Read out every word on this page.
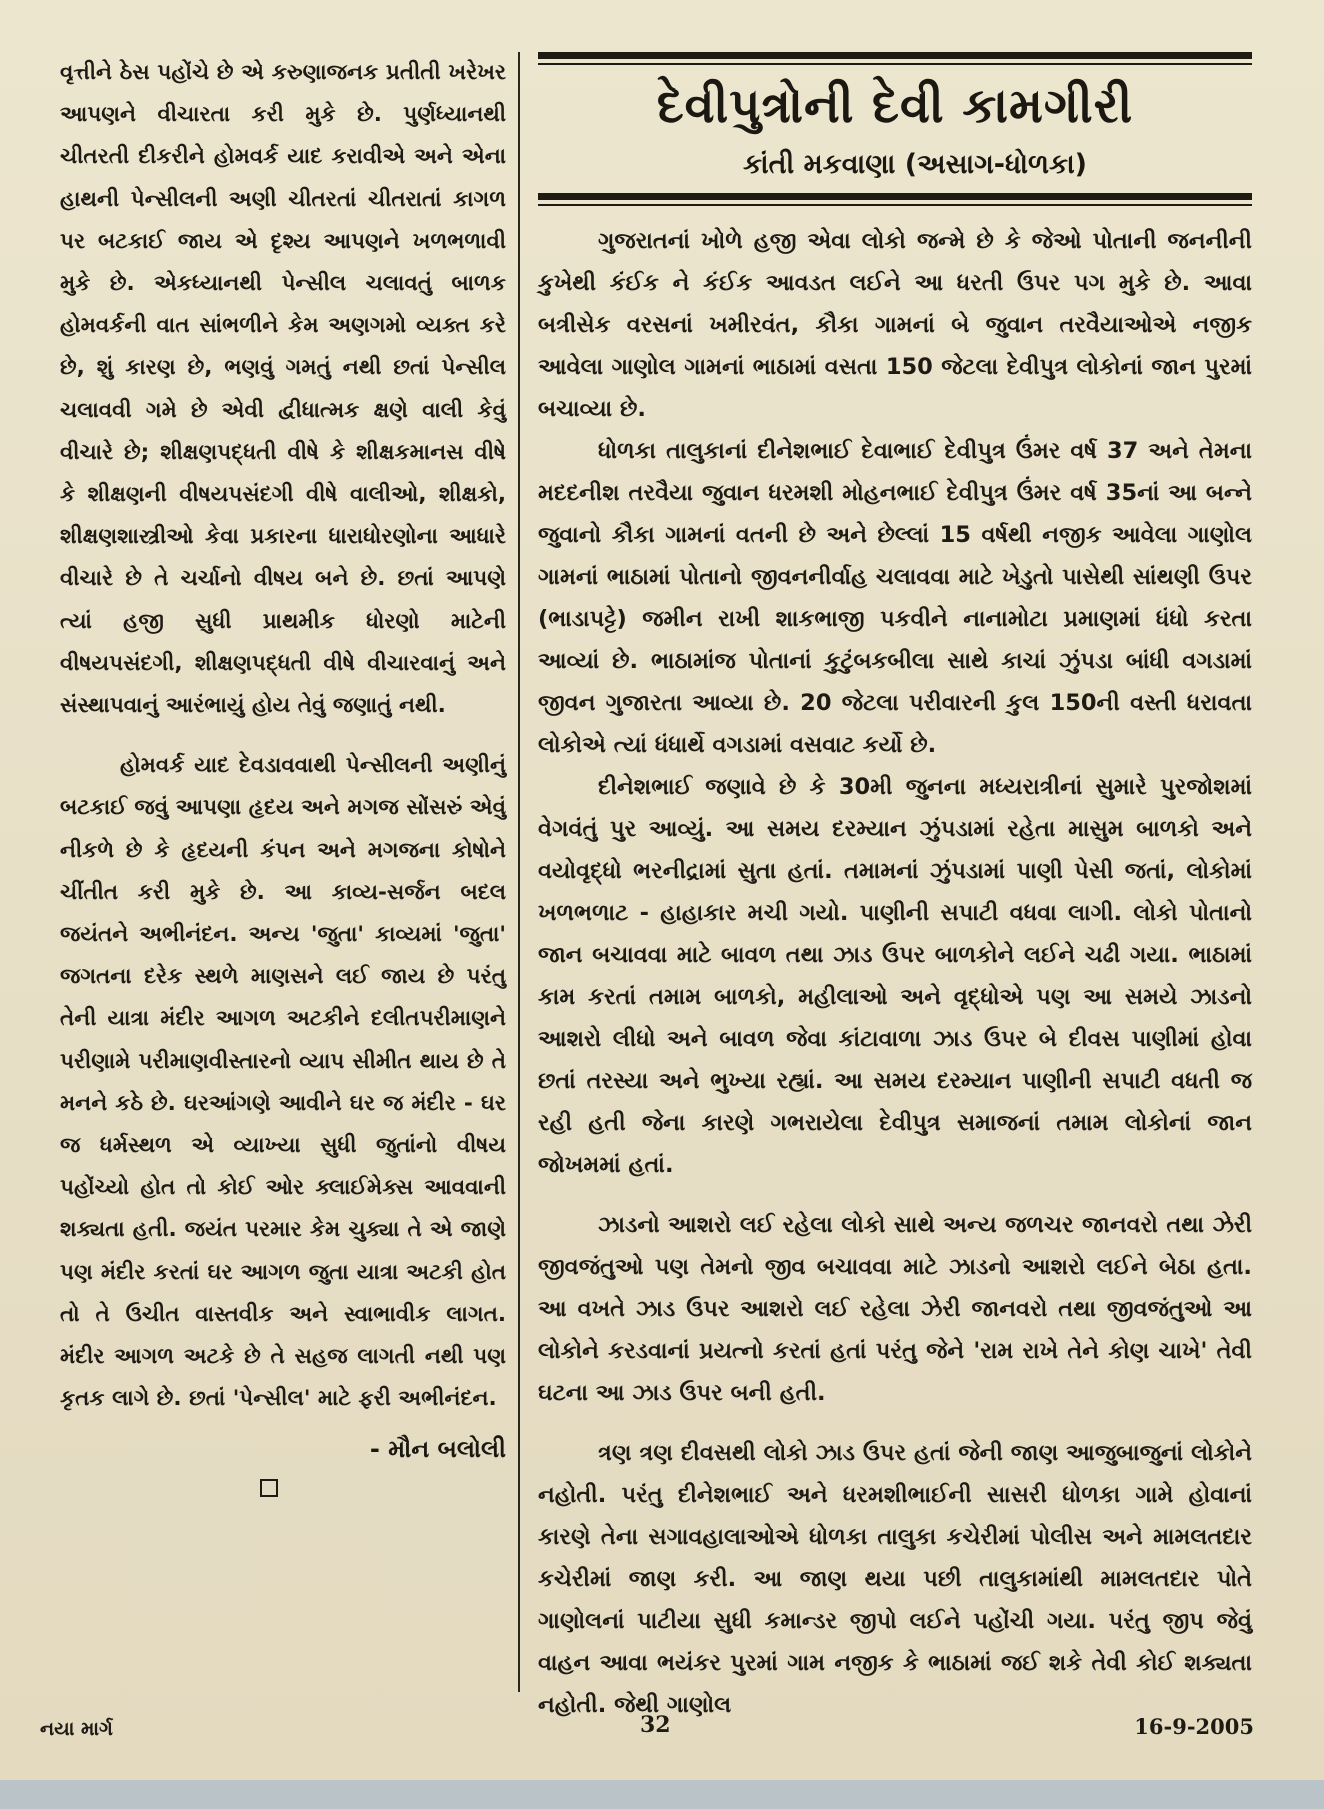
વૃત્તીને ઠેસ પહોંચે છે એ કરુણાજનક પ્રતીતી ખરેખર આપણને વીચારતા કરી મુકે છે. પુર્ણધ્યાનથી ચીતરતી દીકરીને હોમવર્ક યાદ કરાવીએ અને એના હાથની પેન્સીલની અણી ચીતરતાં ચીતરાતાં કાગળ પર બટકાઈ જાય એ દૃશ્ય આપણને ખળભળાવી મુકે છે. એકધ્યાનથી પેન્સીલ ચલાવતું બાળક હોમવર્કની વાત સાંભળીને કેમ અણગમો વ્યક્ત કરે છે, શું કારણ છે, ભણવું ગમતું નથી છતાં પેન્સીલ ચલાવવી ગમે છે એવી દ્વીધાત્મક ક્ષણે વાલી કેવું વીચારે છે; શીક્ષણપદ્ધતી વીષે કે શીક્ષકમાનસ વીષે કે શીક્ષણની વીષયપસંદગી વીષે વાલીઓ, શીક્ષકો, શીક્ષણશાસ્ત્રીઓ કેવા પ્રકારના ધારાધોરણોના આધારે વીચારે છે તે ચર્ચાનો વીષય બને છે. છતાં આપણે ત્યાં હજી સુધી પ્રાથમીક ધોરણો માટેની વીષયપસંદગી, શીક્ષણપદ્ધતી વીષે વીચારવાનું અને સંસ્થાપવાનું આરંભાયું હોય તેવું જણાતું નથી.

હોમવર્ક યાદ દેવડાવવાથી પેન્સીલની અણીનું બટકાઈ જવું આપણા હૃદય અને મગજ સોંસરું એવું નીકળે છે કે હૃદયની કંપન અને મગજના કોષોને ચીંતીત કરી મુકે છે. આ કાવ્ય-સર્જન બદલ જયંતને અભીનંદન. અન્ય 'જુતા' કાવ્યમાં 'જુતા' જગતના દરેક સ્થળે માણસને લઈ જાય છે પરંતુ તેની યાત્રા મંદીર આગળ અટકીને દલીતપરીમાણને પરીણામે પરીમાણવીસ્તારનો વ્યાપ સીમીત થાય છે તે મનને કઠે છે. ઘરઆંગણે આવીને ઘર જ મંદીર - ઘર જ ધર્મસ્થળ એ વ્યાખ્યા સુધી જુતાંનો વીષય પહોંચ્યો હોત તો કોઈ ઓર ક્લાઈમેક્સ આવવાની શક્યતા હતી. જયંત પરમાર કેમ ચુક્યા તે એ જાણે પણ મંદીર કરતાં ઘર આગળ જુતા યાત્રા અટકી હોત તો તે ઉચીત વાસ્તવીક અને સ્વાભાવીક લાગત. મંદીર આગળ અટકે છે તે સહજ લાગતી નથી પણ કૃતક લાગે છે. છતાં 'પેન્સીલ' માટે ફરી અભીનંદન.

- મૌન બલોલી
દેવીપુત્રોની દેવી કામગીરી
કાંતી મકવાણા (અસાગ-ધોળકા)

ગુજરાતનાં ખોળે હજી એવા લોકો જન્મે છે કે જેઓ પોતાની જનનીની કુખેથી કંઈક ને કંઈક આવડત લઈને આ ધરતી ઉપર પગ મુકે છે. આવા બત્રીસેક વરસનાં ખમીરવંત, કૌકા ગામનાં બે જુવાન તરવૈયાઓએ નજીક આવેલા ગાણોલ ગામનાં ભાઠામાં વસતા 150 જેટલા દેવીપુત્ર લોકોનાં જાન પુરમાં બચાવ્યા છે.

ધોળકા તાલુકાનાં દીનેશભાઈ દેવાભાઈ દેવીપુત્ર ઉંમર વર્ષ 37 અને તેમના મદદનીશ તરવૈયા જુવાન ધરમશી મોહનભાઈ દેવીપુત્ર ઉંમર વર્ષ 35નાં આ બન્ને જુવાનો કૌકા ગામનાં વતની છે અને છેલ્લાં 15 વર્ષથી નજીક આવેલા ગાણોલ ગામનાં ભાઠામાં પોતાનો જીવનનીર્વાહ ચલાવવા માટે ખેડુતો પાસેથી સાંથણી ઉપર (ભાડાપટ્ટે) જમીન રાખી શાકભાજી પકવીને નાનામોટા પ્રમાણમાં ધંધો કરતા આવ્યાં છે. ભાઠામાંજ પોતાનાં કુટુંબકબીલા સાથે કાચાં ઝુંપડા બાંધી વગડામાં જીવન ગુજારતા આવ્યા છે. 20 જેટલા પરીવારની કુલ 150ની વસ્તી ધરાવતા લોકોએ ત્યાં ધંધાર્થે વગડામાં વસવાટ કર્યો છે.

દીનેશભાઈ જણાવે છે કે 30મી જુનના મધ્યરાત્રીનાં સુમારે પુરજોશમાં વેગવંતું પુર આવ્યું. આ સમય દરમ્યાન ઝુંપડામાં રહેતા માસુમ બાળકો અને વયોવૃદ્ધો ભરનીદ્રામાં સુતા હતાં. તમામનાં ઝુંપડામાં પાણી પેસી જતાં, લોકોમાં ખળભળાટ - હાહાકાર મચી ગયો. પાણીની સપાટી વધવા લાગી. લોકો પોતાનો જાન બચાવવા માટે બાવળ તથા ઝાડ ઉપર બાળકોને લઈને ચઢી ગયા. ભાઠામાં કામ કરતાં તમામ બાળકો, મહીલાઓ અને વૃદ્ધોએ પણ આ સમયે ઝાડનો આશરો લીધો અને બાવળ જેવા કાંટાવાળા ઝાડ ઉપર બે દીવસ પાણીમાં હોવા છતાં તરસ્યા અને ભુખ્યા રહ્યાં. આ સમય દરમ્યાન પાણીની સપાટી વધતી જ રહી હતી જેના કારણે ગભરાયેલા દેવીપુત્ર સમાજનાં તમામ લોકોનાં જાન જોખમમાં હતાં.

ઝાડનો આશરો લઈ રહેલા લોકો સાથે અન્ય જળચર જાનવરો તથા ઝેરી જીવજંતુઓ પણ તેમનો જીવ બચાવવા માટે ઝાડનો આશરો લઈને બેઠા હતા. આ વખતે ઝાડ ઉપર આશરો લઈ રહેલા ઝેરી જાનવરો તથા જીવજંતુઓ આ લોકોને કરડવાનાં પ્રયત્નો કરતાં હતાં પરંતુ જેને 'રામ રાખે તેને કોણ ચાખે' તેવી ઘટના આ ઝાડ ઉપર બની હતી.

ત્રણ ત્રણ દીવસથી લોકો ઝાડ ઉપર હતાં જેની જાણ આજુબાજુનાં લોકોને નહોતી. પરંતુ દીનેશભાઈ અને ધરમશીભાઈની સાસરી ધોળકા ગામે હોવાનાં કારણે તેના સગાવહાલાઓએ ધોળકા તાલુકા કચેરીમાં પોલીસ અને મામલતદાર કચેરીમાં જાણ કરી. આ જાણ થયા પછી તાલુકામાંથી મામલતદાર પોતે ગાણોલનાં પાટીયા સુધી કમાન્ડર જીપો લઈને પહોંચી ગયા. પરંતુ જીપ જેવું વાહન આવા ભયંકર પુરમાં ગામ નજીક કે ભાઠામાં જઈ શકે તેવી કોઈ શક્યતા નહોતી. જેથી ગાણોલ

નયા માર્ગ	32	16-9-2005
